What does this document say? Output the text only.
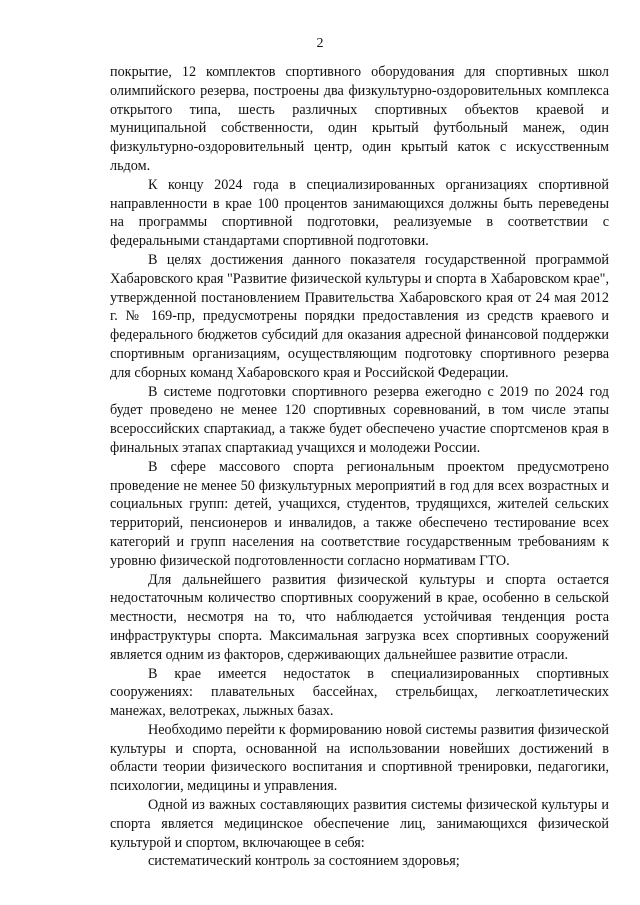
2

покрытие, 12 комплектов спортивного оборудования для спортивных школ олимпийского резерва, построены два физкультурно-оздоровительных комплекса открытого типа, шесть различных спортивных объектов краевой и муниципальной собственности, один крытый футбольный манеж, один физкультурно-оздоровительный центр, один крытый каток с искусственным льдом.

К концу 2024 года в специализированных организациях спортивной направленности в крае 100 процентов занимающихся должны быть переведены на программы спортивной подготовки, реализуемые в соответствии с федеральными стандартами спортивной подготовки.

В целях достижения данного показателя государственной программой Хабаровского края "Развитие физической культуры и спорта в Хабаровском крае", утвержденной постановлением Правительства Хабаровского края от 24 мая 2012 г. № 169-пр, предусмотрены порядки предоставления из средств краевого и федерального бюджетов субсидий для оказания адресной финансовой поддержки спортивным организациям, осуществляющим подготовку спортивного резерва для сборных команд Хабаровского края и Российской Федерации.

В системе подготовки спортивного резерва ежегодно с 2019 по 2024 год будет проведено не менее 120 спортивных соревнований, в том числе этапы всероссийских спартакиад, а также будет обеспечено участие спортсменов края в финальных этапах спартакиад учащихся и молодежи России.

В сфере массового спорта региональным проектом предусмотрено проведение не менее 50 физкультурных мероприятий в год для всех возрастных и социальных групп: детей, учащихся, студентов, трудящихся, жителей сельских территорий, пенсионеров и инвалидов, а также обеспечено тестирование всех категорий и групп населения на соответствие государственным требованиям к уровню физической подготовленности согласно нормативам ГТО.

Для дальнейшего развития физической культуры и спорта остается недостаточным количество спортивных сооружений в крае, особенно в сельской местности, несмотря на то, что наблюдается устойчивая тенденция роста инфраструктуры спорта. Максимальная загрузка всех спортивных сооружений является одним из факторов, сдерживающих дальнейшее развитие отрасли.

В крае имеется недостаток в специализированных спортивных сооружениях: плавательных бассейнах, стрельбищах, легкоатлетических манежах, велотреках, лыжных базах.

Необходимо перейти к формированию новой системы развития физической культуры и спорта, основанной на использовании новейших достижений в области теории физического воспитания и спортивной тренировки, педагогики, психологии, медицины и управления.

Одной из важных составляющих развития системы физической культуры и спорта является медицинское обеспечение лиц, занимающихся физической культурой и спортом, включающее в себя:

систематический контроль за состоянием здоровья;
